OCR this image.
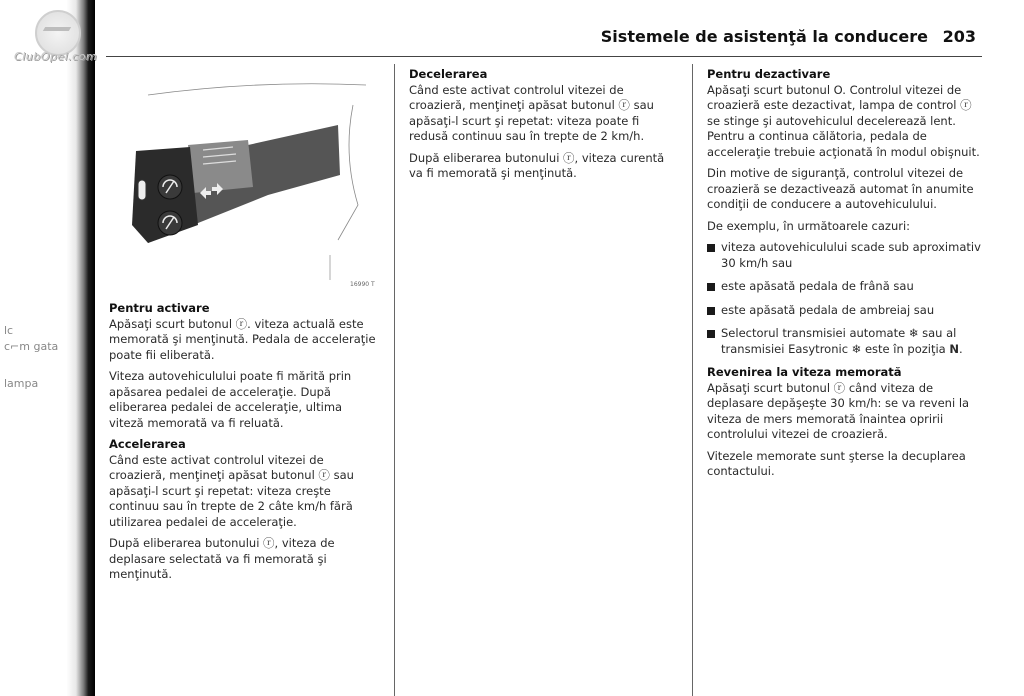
ClubOpel.com
lc
c⌐m gata
lampa
Sistemele de asistenţă la conducere 203
16990 T
Pentru activare

Apăsaţi scurt butonul ⓡ. viteza actuală este memorată şi menţinută. Pedala de acceleraţie poate fii eliberată.

Viteza autovehiculului poate fi mărită prin apăsarea pedalei de acceleraţie. După eliberarea pedalei de acceleraţie, ultima viteză memorată va fi reluată.

Accelerarea

Când este activat controlul vitezei de croazieră, menţineţi apăsat butonul ⓡ sau apăsaţi-l scurt şi repetat: viteza creşte continuu sau în trepte de 2 câte km/h fără utilizarea pedalei de acceleraţie.

După eliberarea butonului ⓡ, viteza de deplasare selectată va fi memorată şi menţinută.

Decelerarea

Când este activat controlul vitezei de croazieră, menţineţi apăsat butonul ⓡ sau apăsaţi-l scurt şi repetat: viteza poate fi redusă continuu sau în trepte de 2 km/h.

După eliberarea butonului ⓡ, viteza curentă va fi memorată şi menţinută.

Pentru dezactivare

Apăsaţi scurt butonul O. Controlul vitezei de croazieră este dezactivat, lampa de control ⓡ se stinge şi autovehiculul decelerează lent. Pentru a continua călătoria, pedala de acceleraţie trebuie acţionată în modul obişnuit.

Din motive de siguranţă, controlul vitezei de croazieră se dezactivează automat în anumite condiţii de conducere a autovehiculului.

De exemplu, în următoarele cazuri:

viteza autovehiculului scade sub aproximativ 30 km/h sau
este apăsată pedala de frână sau
este apăsată pedala de ambreiaj sau
Selectorul transmisiei automate ❄ sau al transmisiei Easytronic ❄ este în poziţia N.
Revenirea la viteza memorată

Apăsaţi scurt butonul ⓡ când viteza de deplasare depăşeşte 30 km/h: se va reveni la viteza de mers memorată înaintea opririi controlului vitezei de croazieră.

Vitezele memorate sunt şterse la decuplarea contactului.
